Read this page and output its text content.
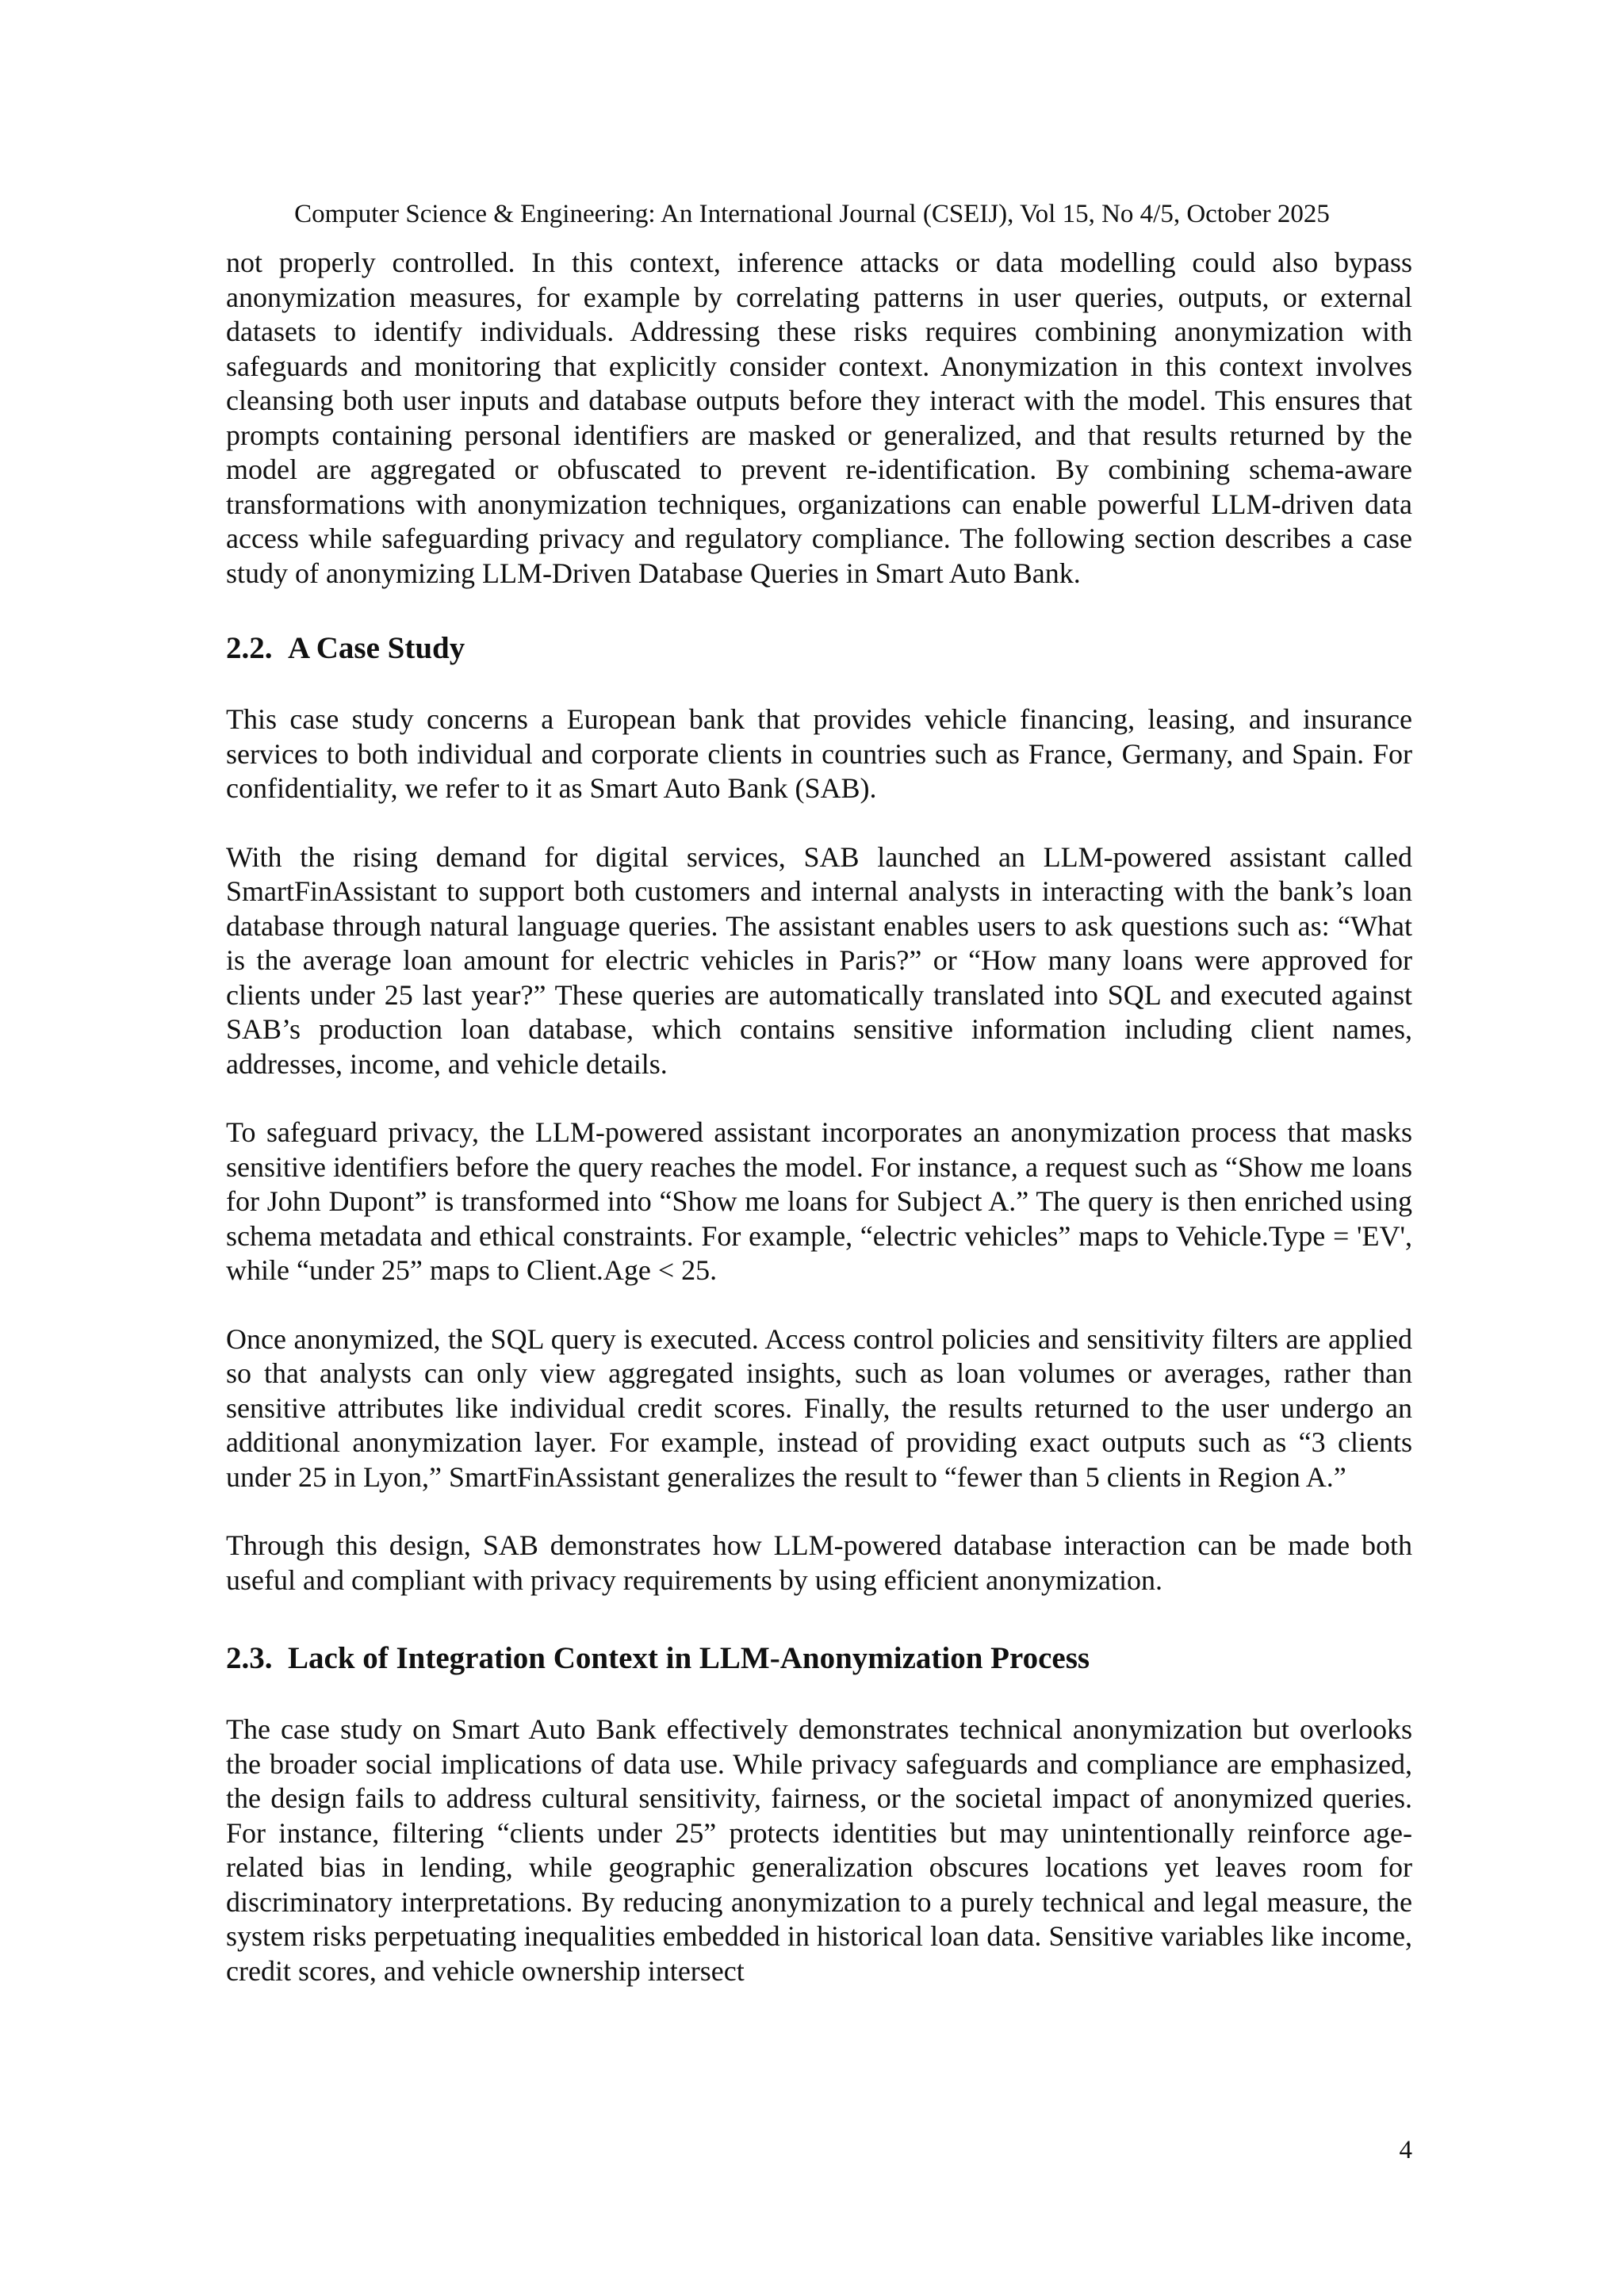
Computer Science & Engineering: An International Journal (CSEIJ), Vol 15, No 4/5, October 2025

not properly controlled. In this context, inference attacks or data modelling could also bypass anonymization measures, for example by correlating patterns in user queries, outputs, or external datasets to identify individuals. Addressing these risks requires combining anonymization with safeguards and monitoring that explicitly consider context. Anonymization in this context involves cleansing both user inputs and database outputs before they interact with the model. This ensures that prompts containing personal identifiers are masked or generalized, and that results returned by the model are aggregated or obfuscated to prevent re-identification. By combining schema-aware transformations with anonymization techniques, organizations can enable powerful LLM-driven data access while safeguarding privacy and regulatory compliance. The following section describes a case study of anonymizing LLM-Driven Database Queries in Smart Auto Bank.

2.2. A Case Study

This case study concerns a European bank that provides vehicle financing, leasing, and insurance services to both individual and corporate clients in countries such as France, Germany, and Spain. For confidentiality, we refer to it as Smart Auto Bank (SAB).

With the rising demand for digital services, SAB launched an LLM-powered assistant called SmartFinAssistant to support both customers and internal analysts in interacting with the bank’s loan database through natural language queries. The assistant enables users to ask questions such as: “What is the average loan amount for electric vehicles in Paris?” or “How many loans were approved for clients under 25 last year?” These queries are automatically translated into SQL and executed against SAB’s production loan database, which contains sensitive information including client names, addresses, income, and vehicle details.

To safeguard privacy, the LLM-powered assistant incorporates an anonymization process that masks sensitive identifiers before the query reaches the model. For instance, a request such as “Show me loans for John Dupont” is transformed into “Show me loans for Subject A.” The query is then enriched using schema metadata and ethical constraints. For example, “electric vehicles” maps to Vehicle.Type = 'EV', while “under 25” maps to Client.Age < 25.

Once anonymized, the SQL query is executed. Access control policies and sensitivity filters are applied so that analysts can only view aggregated insights, such as loan volumes or averages, rather than sensitive attributes like individual credit scores. Finally, the results returned to the user undergo an additional anonymization layer. For example, instead of providing exact outputs such as “3 clients under 25 in Lyon,” SmartFinAssistant generalizes the result to “fewer than 5 clients in Region A.”

Through this design, SAB demonstrates how LLM-powered database interaction can be made both useful and compliant with privacy requirements by using efficient anonymization.

2.3. Lack of Integration Context in LLM-Anonymization Process

The case study on Smart Auto Bank effectively demonstrates technical anonymization but overlooks the broader social implications of data use. While privacy safeguards and compliance are emphasized, the design fails to address cultural sensitivity, fairness, or the societal impact of anonymized queries. For instance, filtering “clients under 25” protects identities but may unintentionally reinforce age-related bias in lending, while geographic generalization obscures locations yet leaves room for discriminatory interpretations. By reducing anonymization to a purely technical and legal measure, the system risks perpetuating inequalities embedded in historical loan data. Sensitive variables like income, credit scores, and vehicle ownership intersect

4
